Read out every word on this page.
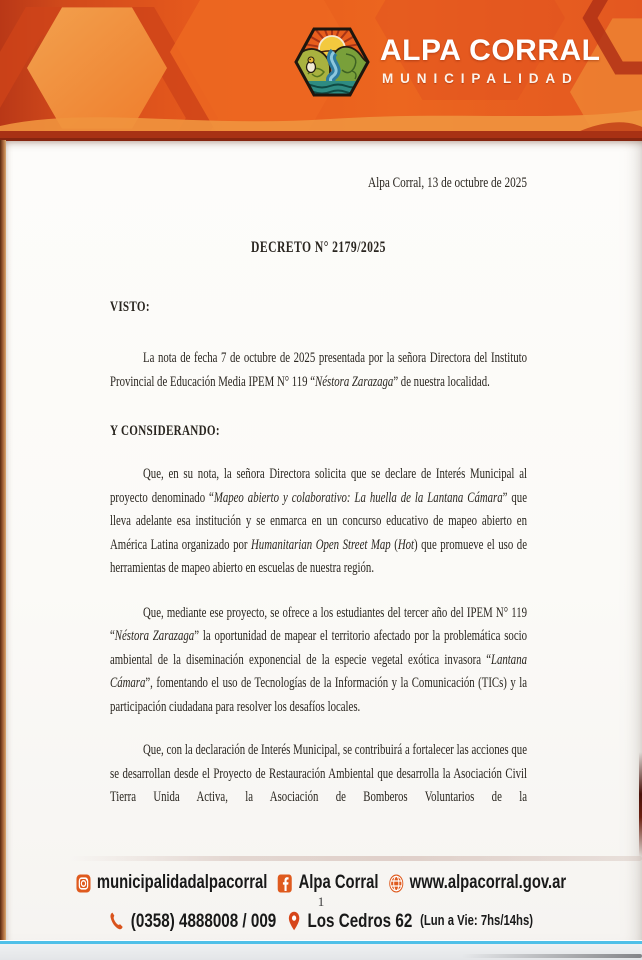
ALPA CORRAL
MUNICIPALIDAD

Alpa Corral, 13 de octubre de 2025

DECRETO N° 2179/2025

VISTO:

La nota de fecha 7 de octubre de 2025 presentada por la señora Directora del Instituto Provincial de Educación Media IPEM N° 119 “Néstora Zarazaga” de nuestra localidad.

Y CONSIDERANDO:

Que, en su nota, la señora Directora solicita que se declare de Interés Municipal al proyecto denominado “Mapeo abierto y colaborativo: La huella de la Lantana Cámara” que lleva adelante esa institución y se enmarca en un concurso educativo de mapeo abierto en América Latina organizado por Humanitarian Open Street Map (Hot) que promueve el uso de herramientas de mapeo abierto en escuelas de nuestra región.

Que, mediante ese proyecto, se ofrece a los estudiantes del tercer año del IPEM N° 119 “Néstora Zarazaga” la oportunidad de mapear el territorio afectado por la problemática socio ambiental de la diseminación exponencial de la especie vegetal exótica invasora “Lantana Cámara”, fomentando el uso de Tecnologías de la Información y la Comunicación (TICs) y la participación ciudadana para resolver los desafíos locales.

Que, con la declaración de Interés Municipal, se contribuirá a fortalecer las acciones que se desarrollan desde el Proyecto de Restauración Ambiental que desarrolla la Asociación Civil Tierra Unida Activa, la Asociación de Bomberos Voluntarios de la

municipalidadalpacorral Alpa Corral www.alpacorral.gov.ar
1
(0358) 4888008 / 009 Los Cedros 62 (Lun a Vie: 7hs/14hs)
